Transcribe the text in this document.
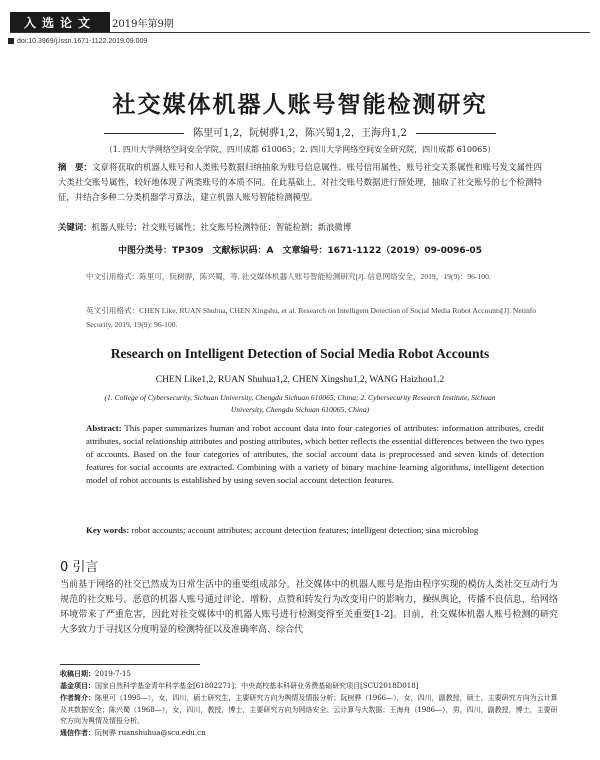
入选论文 2019年第9期
doi:10.3969/j.issn.1671-1122.2019.09.009
社交媒体机器人账号智能检测研究
陈里可1,2，阮树骅1,2，陈兴蜀1,2，王海舟1,2
（1. 四川大学网络空间安全学院，四川成都 610065；2. 四川大学网络空间安全研究院，四川成都 610065）
摘　要：文章将获取的机器人账号和人类账号数据归纳抽象为账号信息属性、账号信用属性、账号社交关系属性和账号发文属性四大类社交账号属性，较好地体现了两类账号的本质不同。在此基础上，对社交账号数据进行预处理，抽取了社交账号的七个检测特征，并结合多种二分类机器学习算法，建立机器人账号智能检测模型。
关键词：机器人账号；社交账号属性；社交账号检测特征；智能检测；新浪微博
中图分类号：TP309　文献标识码：A　文章编号：1671-1122（2019）09-0096-05
中文引用格式：陈里可，阮树骅，陈兴蜀，等. 社交媒体机器人账号智能检测研究[J]. 信息网络安全，2019，19(9)：96-100.
英文引用格式：CHEN Like, RUAN Shuhua, CHEN Xingshu, et al. Research on Intelligent Detection of Social Media Robot Accounts[J]. Netinfo Security, 2019, 19(9): 96-100.
Research on Intelligent Detection of Social Media Robot Accounts
CHEN Like1,2, RUAN Shuhua1,2, CHEN Xingshu1,2, WANG Haizhou1,2
(1. College of Cybersecurity, Sichuan University, Chengdu Sichuan 610065, China; 2. Cybersecurity Research Institute, Sichuan University, Chengdu Sichuan 610065, China)
Abstract: This paper summarizes human and robot account data into four categories of attributes: information attributes, credit attributes, social relationship attributes and posting attributes, which better reflects the essential differences between the two types of accounts. Based on the four categories of attributes, the social account data is preprocessed and seven kinds of detection features for social accounts are extracted. Combining with a variety of binary machine learning algorithms, intelligent detection model of robot accounts is established by using seven social account detection features.
Key words: robot accounts; account attributes; account detection features; intelligent detection; sina microblog
0 引言
当前基于网络的社交已然成为日常生活中的重要组成部分。社交媒体中的机器人账号是指由程序实现的模仿人类社交互动行为规范的社交账号。恶意的机器人账号通过评论、增粉、点赞和转发行为改变用户的影响力，操纵舆论，传播不良信息，给网络环境带来了严重危害，因此对社交媒体中的机器人账号进行检测变得至关重要[1-2]。目前，社交媒体机器人账号检测的研究大多致力于寻找区分度明显的检测特征以及准确率高、综合代
收稿日期：2019-7-15
基金项目：国家自然科学基金青年科学基金[61802271]；中央高校基本科研业务费基础研究项目[SCU2018D018]
作者简介：陈里可（1995—），女，四川，硕士研究生，主要研究方向为舆情及情报分析；阮树骅（1966—），女，四川，副教授，硕士，主要研究方向为云计算及其数据安全；陈兴蜀（1968—），女，四川，教授，博士，主要研究方向为网络安全、云计算与大数据；王海舟（1986—），男，四川，副教授，博士，主要研究方向为舆情及情报分析。
通信作者：阮树骅 ruanshuhua@scu.edu.cn
